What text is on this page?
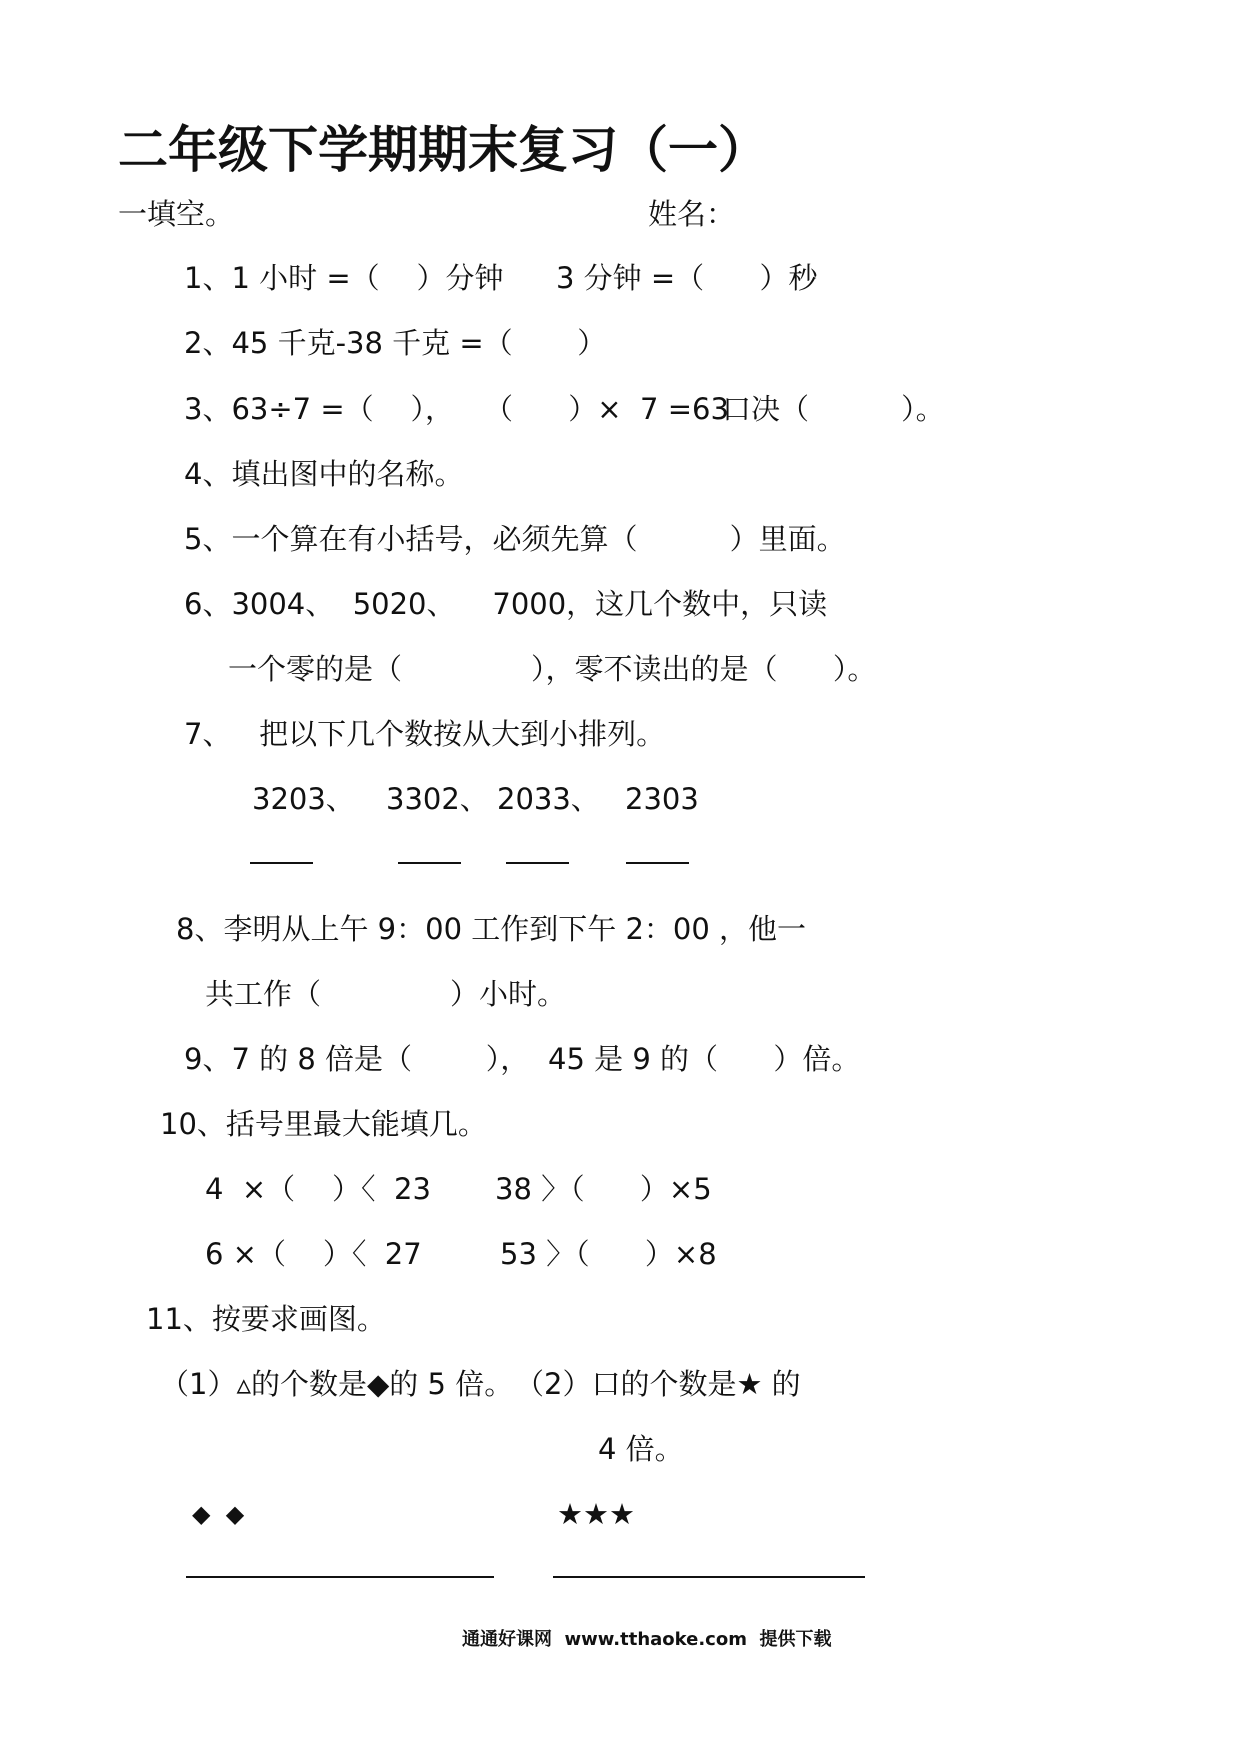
二年级下学期期末复习（一）
一填空。	姓名：
1、1 小时 =（    ）分钟 3 分钟 =（      ）秒
2、45 千克-38 千克 =（       ）
3、63÷7 =（    ）， （      ）×  7 =63
口决（          ）。
4、填出图中的名称。
5、一个算在有小括号，必须先算（          ）里面。
6、3004、  5020、    7000，这几个数中，只读
一个零的是（              ），零不读出的是（      ）。
7、   把以下几个数按从大到小排列。
3203、 3302、 2033、 2303
8、李明从上午 9：00 工作到下午 2：00 ，他一
共工作（              ）小时。
9、7 的 8 倍是（        ）， 45 是 9 的（      ）倍。
10、括号里最大能填几。
4  ×（    ）〈  23 38 〉（      ）×5
6 ×（    ）〈  27	53 〉（      ）×8
11、按要求画图。
（1）▵的个数是◆的 5 倍。 （2）口的个数是★ 的
4 倍。
◆  ◆	★★★
通通好课网  www.tthaoke.com  提供下载
